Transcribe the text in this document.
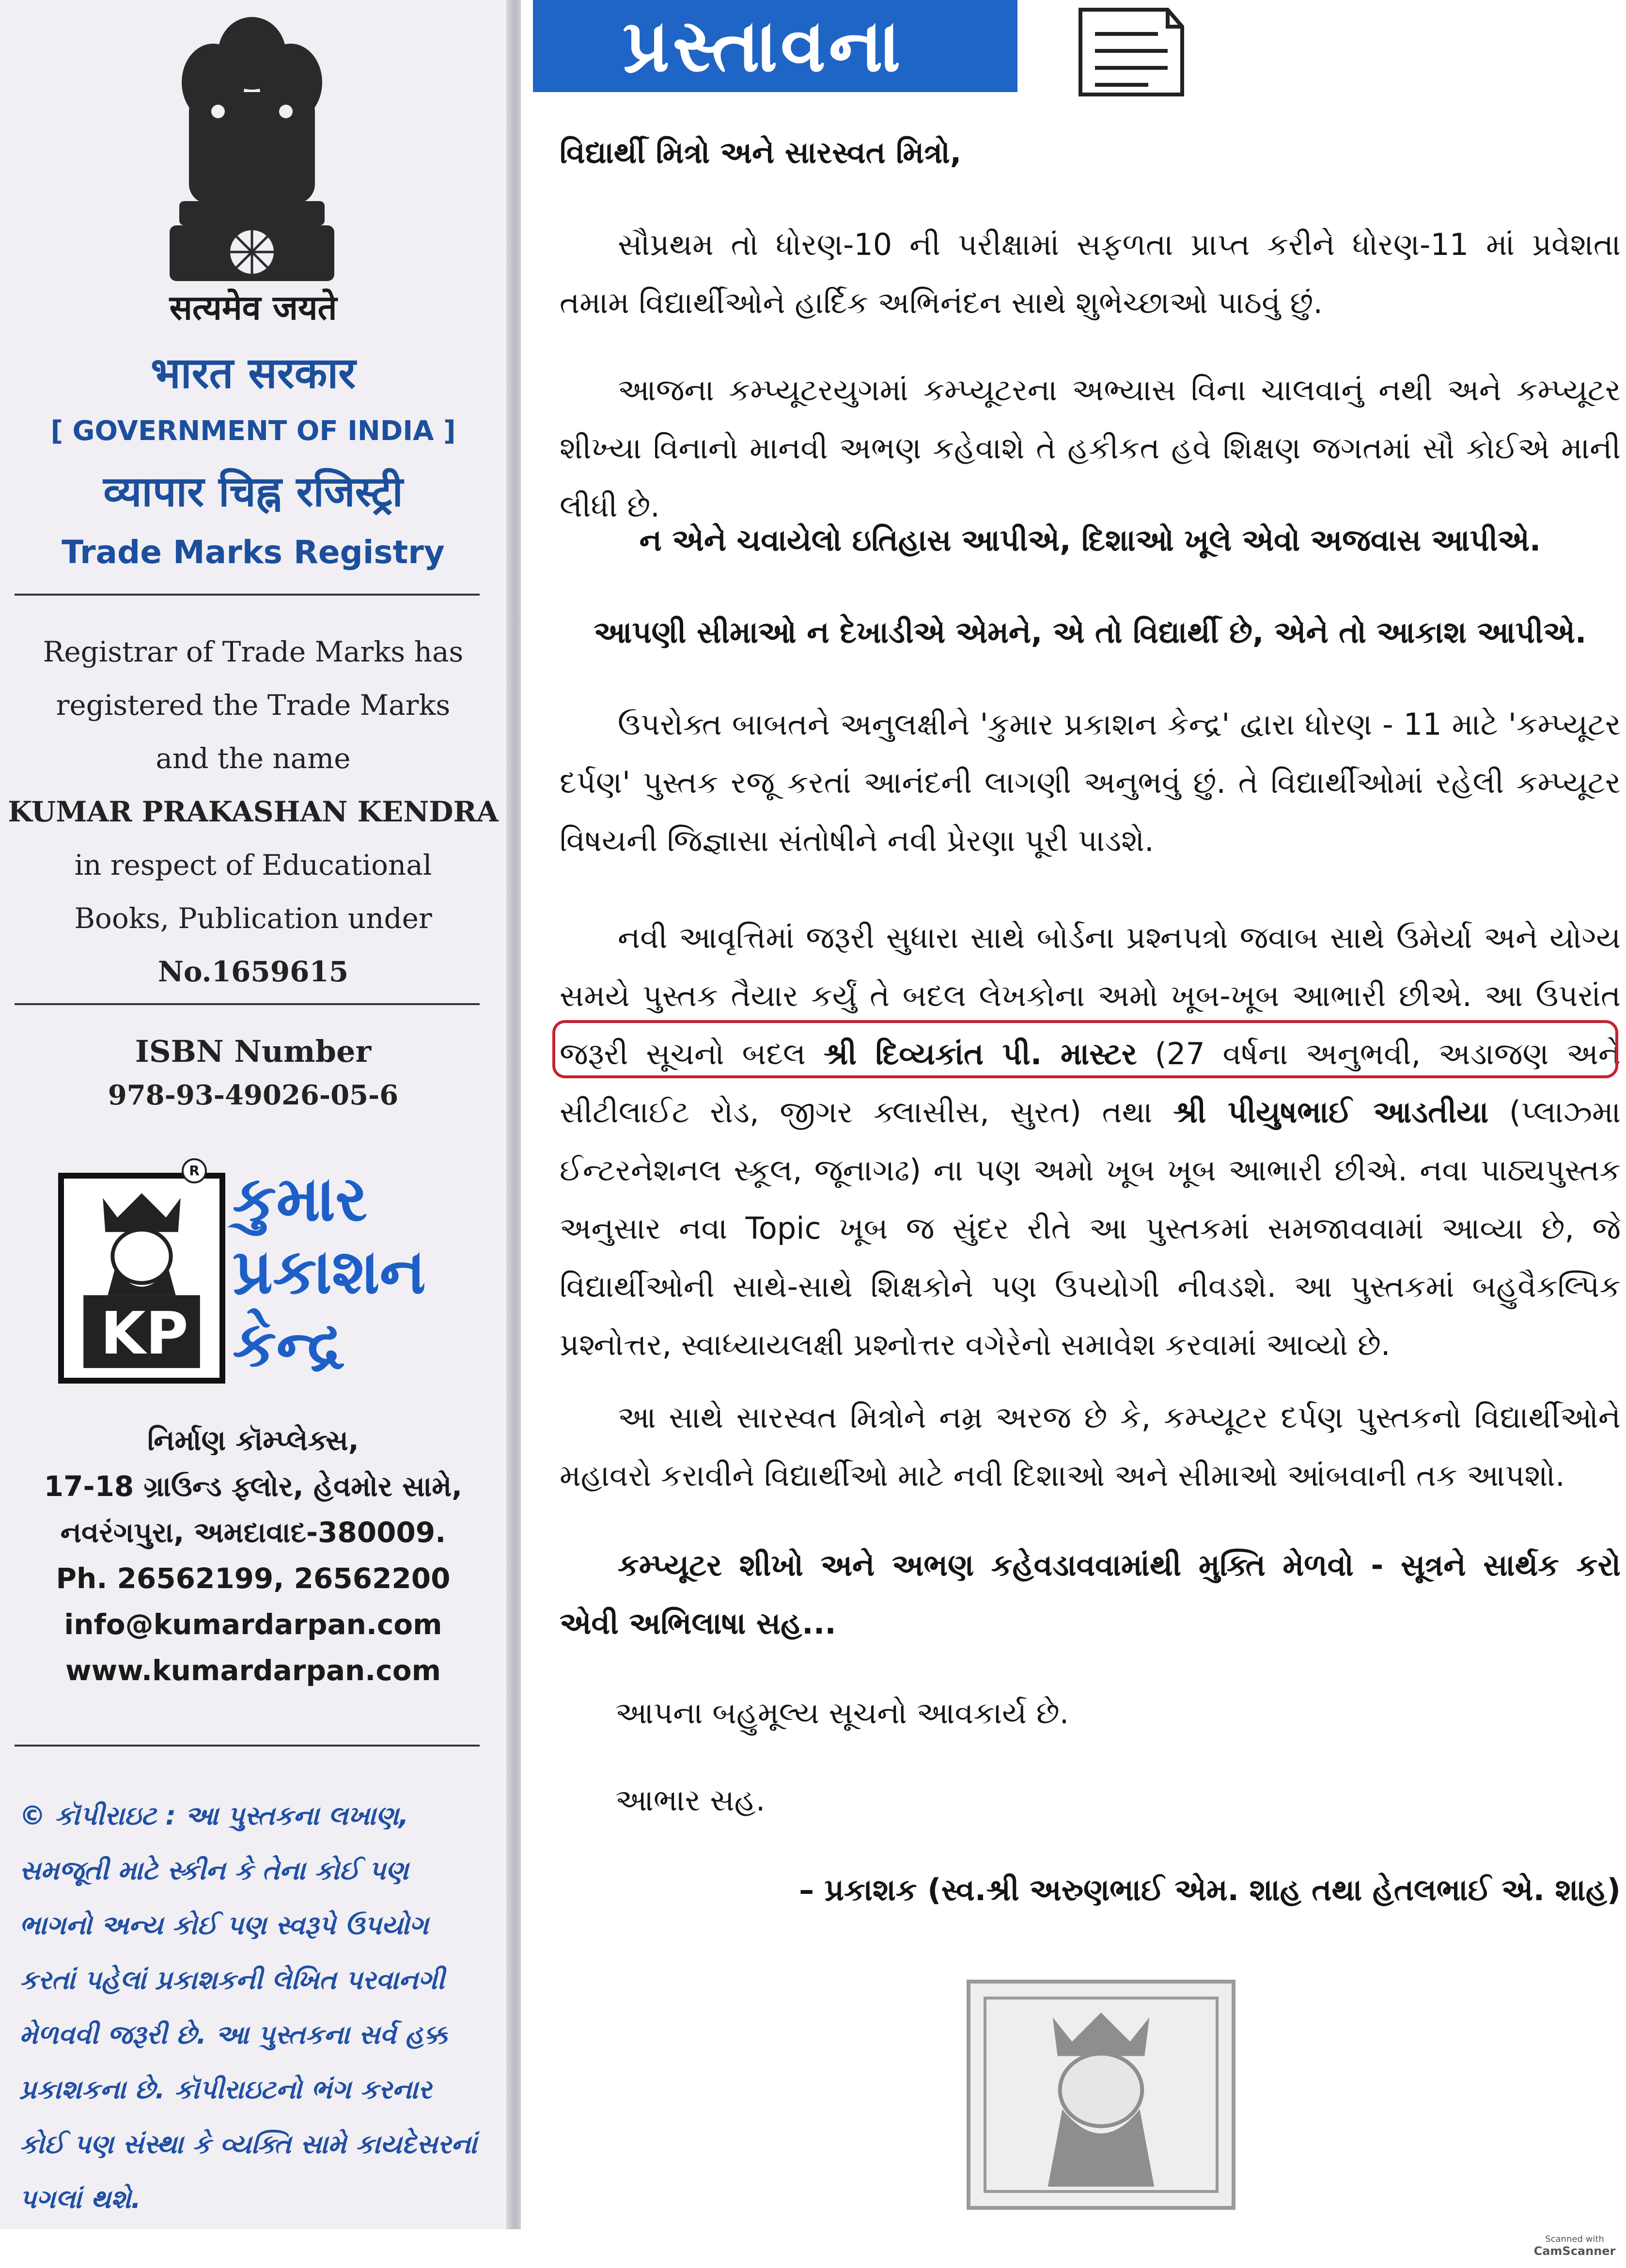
सत्यमेव जयते
भारत सरकार
[ GOVERNMENT OF INDIA ]
व्यापार चिह्न रजिस्ट्री
Trade Marks Registry
Registrar of Trade Marks has
registered the Trade Marks
and the name
KUMAR PRAKASHAN KENDRA
in respect of Educational
Books, Publication under
No.1659615
ISBN Number
978-93-49026-05-6
KP
R કુમાર
પ્રકાશન
કેન્દ્ર
નિર્માણ કૉમ્પ્લેક્સ,
17-18 ગ્રાઉન્ડ ફ્લોર, હેવમોર સામે,
નવરંગપુરા, અમદાવાદ-380009.
Ph. 26562199, 26562200
info@kumardarpan.com
www.kumardarpan.com
© કૉપીરાઇટ : આ પુસ્તકના લખાણ, સમજૂતી માટે સ્કીન કે તેના કોઈ પણ ભાગનો અન્ય કોઈ પણ સ્વરૂપે ઉપયોગ કરતાં પહેલાં પ્રકાશકની લેખિત પરવાનગી મેળવવી જરૂરી છે. આ પુસ્તકના સર્વ હક્ક પ્રકાશકના છે. કૉપીરાઇટનો ભંગ કરનાર કોઈ પણ સંસ્થા કે વ્યક્તિ સામે કાયદેસરનાં પગલાં થશે.
પ્રસ્તાવના
વિદ્યાર્થી મિત્રો અને સારસ્વત મિત્રો,
સૌપ્રથમ તો ધોરણ-10 ની પરીક્ષામાં સફળતા પ્રાપ્ત કરીને ધોરણ-11 માં પ્રવેશતા તમામ વિદ્યાર્થીઓને હાર્દિક અભિનંદન સાથે શુભેચ્છાઓ પાઠવું છું.
આજના કમ્પ્યૂટરયુગમાં કમ્પ્યૂટરના અભ્યાસ વિના ચાલવાનું નથી અને કમ્પ્યૂટર શીખ્યા વિનાનો માનવી અભણ કહેવાશે તે હકીકત હવે શિક્ષણ જગતમાં સૌ કોઈએ માની લીધી છે.
ન એને ચવાયેલો ઇતિહાસ આપીએ, દિશાઓ ખૂલે એવો અજવાસ આપીએ.
આપણી સીમાઓ ન દેખાડીએ એમને, એ તો વિદ્યાર્થી છે, એને તો આકાશ આપીએ.
ઉપરોક્ત બાબતને અનુલક્ષીને 'કુમાર પ્રકાશન કેન્દ્ર' દ્વારા ધોરણ - 11 માટે 'કમ્પ્યૂટર દર્પણ' પુસ્તક રજૂ કરતાં આનંદની લાગણી અનુભવું છું. તે વિદ્યાર્થીઓમાં રહેલી કમ્પ્યૂટર વિષયની જિજ્ઞાસા સંતોષીને નવી પ્રેરણા પૂરી પાડશે.
નવી આવૃત્તિમાં જરૂરી સુધારા સાથે બોર્ડના પ્રશ્નપત્રો જવાબ સાથે ઉમેર્યા અને યોગ્ય સમયે પુસ્તક તૈયાર કર્યું તે બદલ લેખકોના અમો ખૂબ-ખૂબ આભારી છીએ. આ ઉપરાંત જરૂરી સૂચનો બદલ શ્રી દિવ્યકાંત પી. માસ્ટર (27 વર્ષના અનુભવી, અડાજણ અને સીટીલાઈટ રોડ, જીગર ક્લાસીસ, સુરત) તથા શ્રી પીયુષભાઈ આડતીયા (પ્લાઝ્મા ઈન્ટરનેશનલ સ્કૂલ, જૂનાગઢ) ના પણ અમો ખૂબ ખૂબ આભારી છીએ. નવા પાઠ્યપુસ્તક અનુસાર નવા Topic ખૂબ જ સુંદર રીતે આ પુસ્તકમાં સમજાવવામાં આવ્યા છે, જે વિદ્યાર્થીઓની સાથે-સાથે શિક્ષકોને પણ ઉપયોગી નીવડશે. આ પુસ્તકમાં બહુવૈકલ્પિક પ્રશ્નોત્તર, સ્વાધ્યાયલક્ષી પ્રશ્નોત્તર વગેરેનો સમાવેશ કરવામાં આવ્યો છે.
આ સાથે સારસ્વત મિત્રોને નમ્ર અરજ છે કે, કમ્પ્યૂટર દર્પણ પુસ્તકનો વિદ્યાર્થીઓને મહાવરો કરાવીને વિદ્યાર્થીઓ માટે નવી દિશાઓ અને સીમાઓ આંબવાની તક આપશો.
કમ્પ્યૂટર શીખો અને અભણ કહેવડાવવામાંથી મુક્તિ મેળવો - સૂત્રને સાર્થક કરો એવી અભિલાષા સહ...
આપના બહુમૂલ્ય સૂચનો આવકાર્ય છે.
આભાર સહ.
– પ્રકાશક (સ્વ.શ્રી અરુણભાઈ એમ. શાહ તથા હેતલભાઈ એ. શાહ)
Scanned with
CamScanner
